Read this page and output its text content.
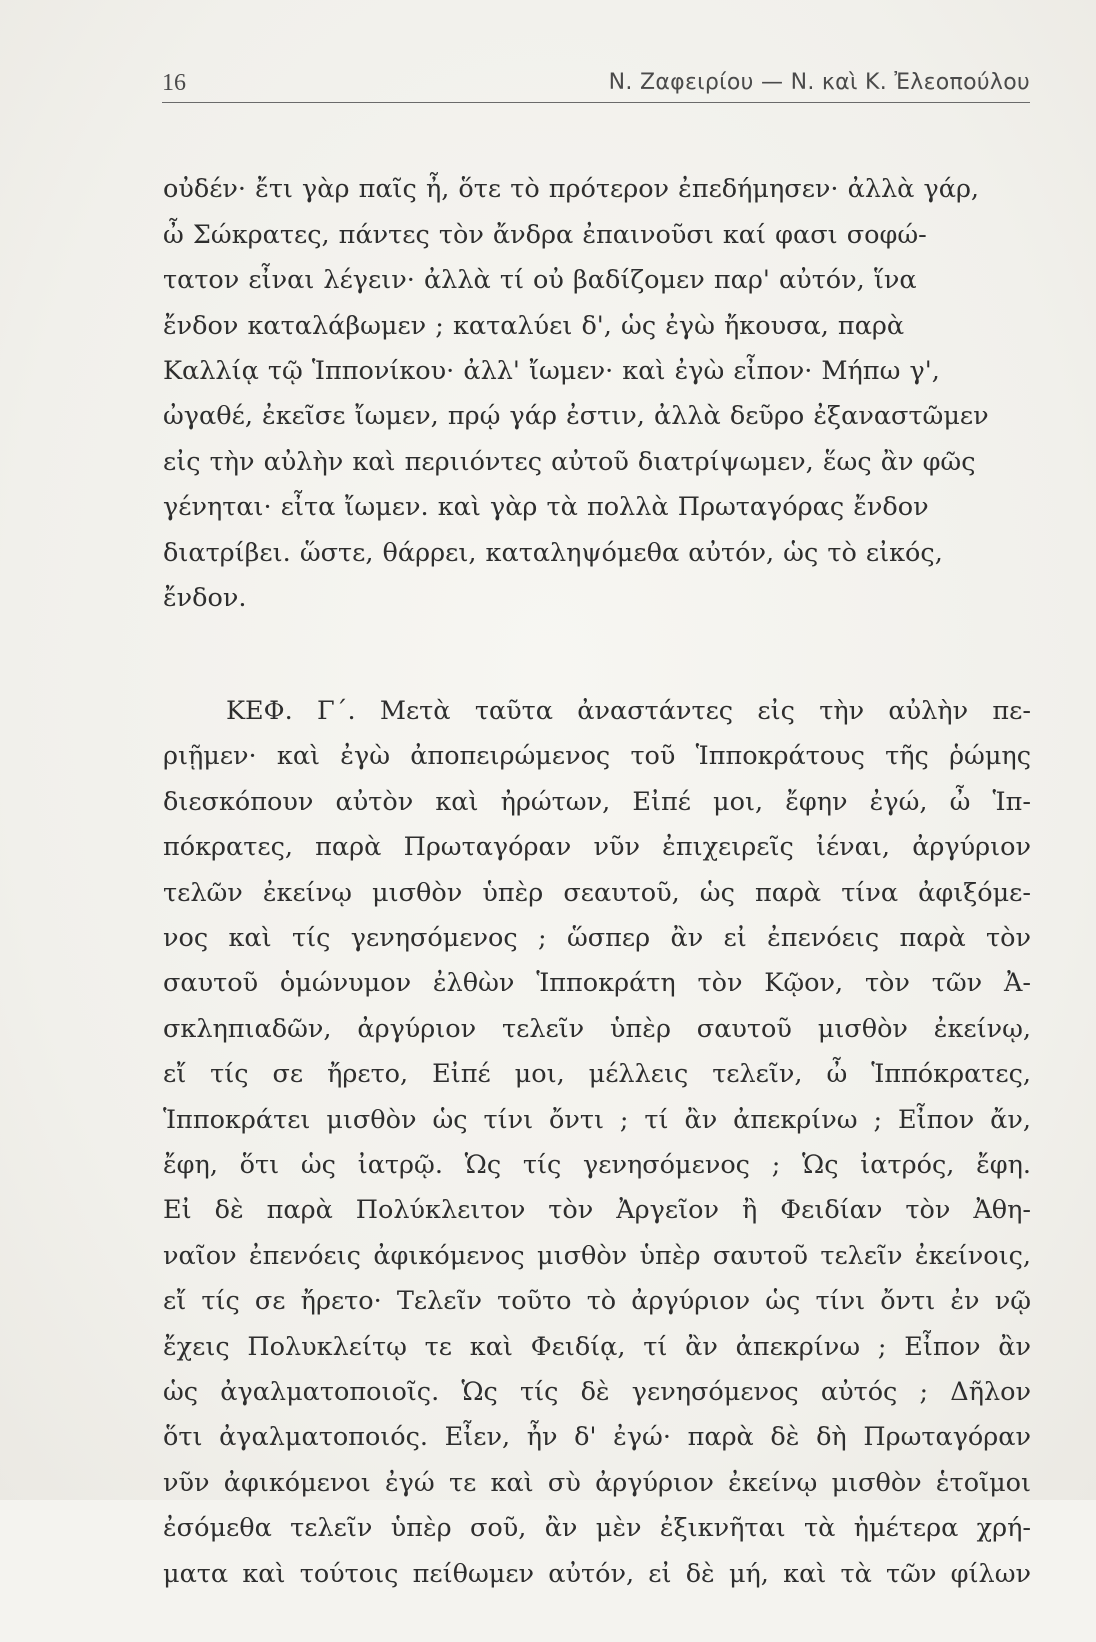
16	Ν. Ζαφειρίου — Ν. καὶ Κ. Ἐλεοπούλου

οὐδέν· ἔτι γὰρ παῖς ἦ, ὅτε τὸ πρότερον ἐπεδήμησεν· ἀλλὰ γάρ,
ὦ Σώκρατες, πάντες τὸν ἄνδρα ἐπαινοῦσι καί φασι σοφώ-
τατον εἶναι λέγειν· ἀλλὰ τί οὐ βαδίζομεν παρ' αὐτόν, ἵνα
ἔνδον καταλάβωμεν ; καταλύει δ', ὡς ἐγὼ ἤκουσα, παρὰ
Καλλίᾳ τῷ Ἱππονίκου· ἀλλ' ἴωμεν· καὶ ἐγὼ εἶπον· Μήπω γ',
ὠγαθέ, ἐκεῖσε ἴωμεν, πρῴ γάρ ἐστιν, ἀλλὰ δεῦρο ἐξαναστῶμεν
εἰς τὴν αὐλὴν καὶ περιιόντες αὐτοῦ διατρίψωμεν, ἕως ἂν φῶς
γένηται· εἶτα ἴωμεν. καὶ γὰρ τὰ πολλὰ Πρωταγόρας ἔνδον
διατρίβει. ὥστε, θάρρει, καταληψόμεθα αὐτόν, ὡς τὸ εἰκός,
ἔνδον.

ΚΕΦ. Γ΄. Μετὰ ταῦτα ἀναστάντες εἰς τὴν αὐλὴν πε-
ριῇμεν· καὶ ἐγὼ ἀποπειρώμενος τοῦ Ἱπποκράτους τῆς ῥώμης
διεσκόπουν αὐτὸν καὶ ἠρώτων, Εἰπέ μοι, ἔφην ἐγώ, ὦ Ἱπ-
πόκρατες, παρὰ Πρωταγόραν νῦν ἐπιχειρεῖς ἰέναι, ἀργύριον
τελῶν ἐκείνῳ μισθὸν ὑπὲρ σεαυτοῦ, ὡς παρὰ τίνα ἀφιξόμε-
νος καὶ τίς γενησόμενος ; ὥσπερ ἂν εἰ ἐπενόεις παρὰ τὸν
σαυτοῦ ὁμώνυμον ἐλθὼν Ἱπποκράτη τὸν Κῷον, τὸν τῶν Ἀ-
σκληπιαδῶν, ἀργύριον τελεῖν ὑπὲρ σαυτοῦ μισθὸν ἐκείνῳ,
εἴ τίς σε ἤρετο, Εἰπέ μοι, μέλλεις τελεῖν, ὦ Ἱππόκρατες,
Ἱπποκράτει μισθὸν ὡς τίνι ὄντι ; τί ἂν ἀπεκρίνω ; Εἶπον ἄν,
ἔφη, ὅτι ὡς ἰατρῷ. Ὡς τίς γενησόμενος ; Ὡς ἰατρός, ἔφη.
Εἰ δὲ παρὰ Πολύκλειτον τὸν Ἀργεῖον ἢ Φειδίαν τὸν Ἀθη-
ναῖον ἐπενόεις ἀφικόμενος μισθὸν ὑπὲρ σαυτοῦ τελεῖν ἐκείνοις,
εἴ τίς σε ἤρετο· Τελεῖν τοῦτο τὸ ἀργύριον ὡς τίνι ὄντι ἐν νῷ
ἔχεις Πολυκλείτῳ τε καὶ Φειδίᾳ, τί ἂν ἀπεκρίνω ; Εἶπον ἂν
ὡς ἀγαλματοποιοῖς. Ὡς τίς δὲ γενησόμενος αὐτός ; Δῆλον
ὅτι ἀγαλματοποιός. Εἶεν, ἦν δ' ἐγώ· παρὰ δὲ δὴ Πρωταγόραν
νῦν ἀφικόμενοι ἐγώ τε καὶ σὺ ἀργύριον ἐκείνῳ μισθὸν ἑτοῖμοι
ἐσόμεθα τελεῖν ὑπὲρ σοῦ, ἂν μὲν ἐξικνῆται τὰ ἡμέτερα χρή-
ματα καὶ τούτοις πείθωμεν αὐτόν, εἰ δὲ μή, καὶ τὰ τῶν φίλων
